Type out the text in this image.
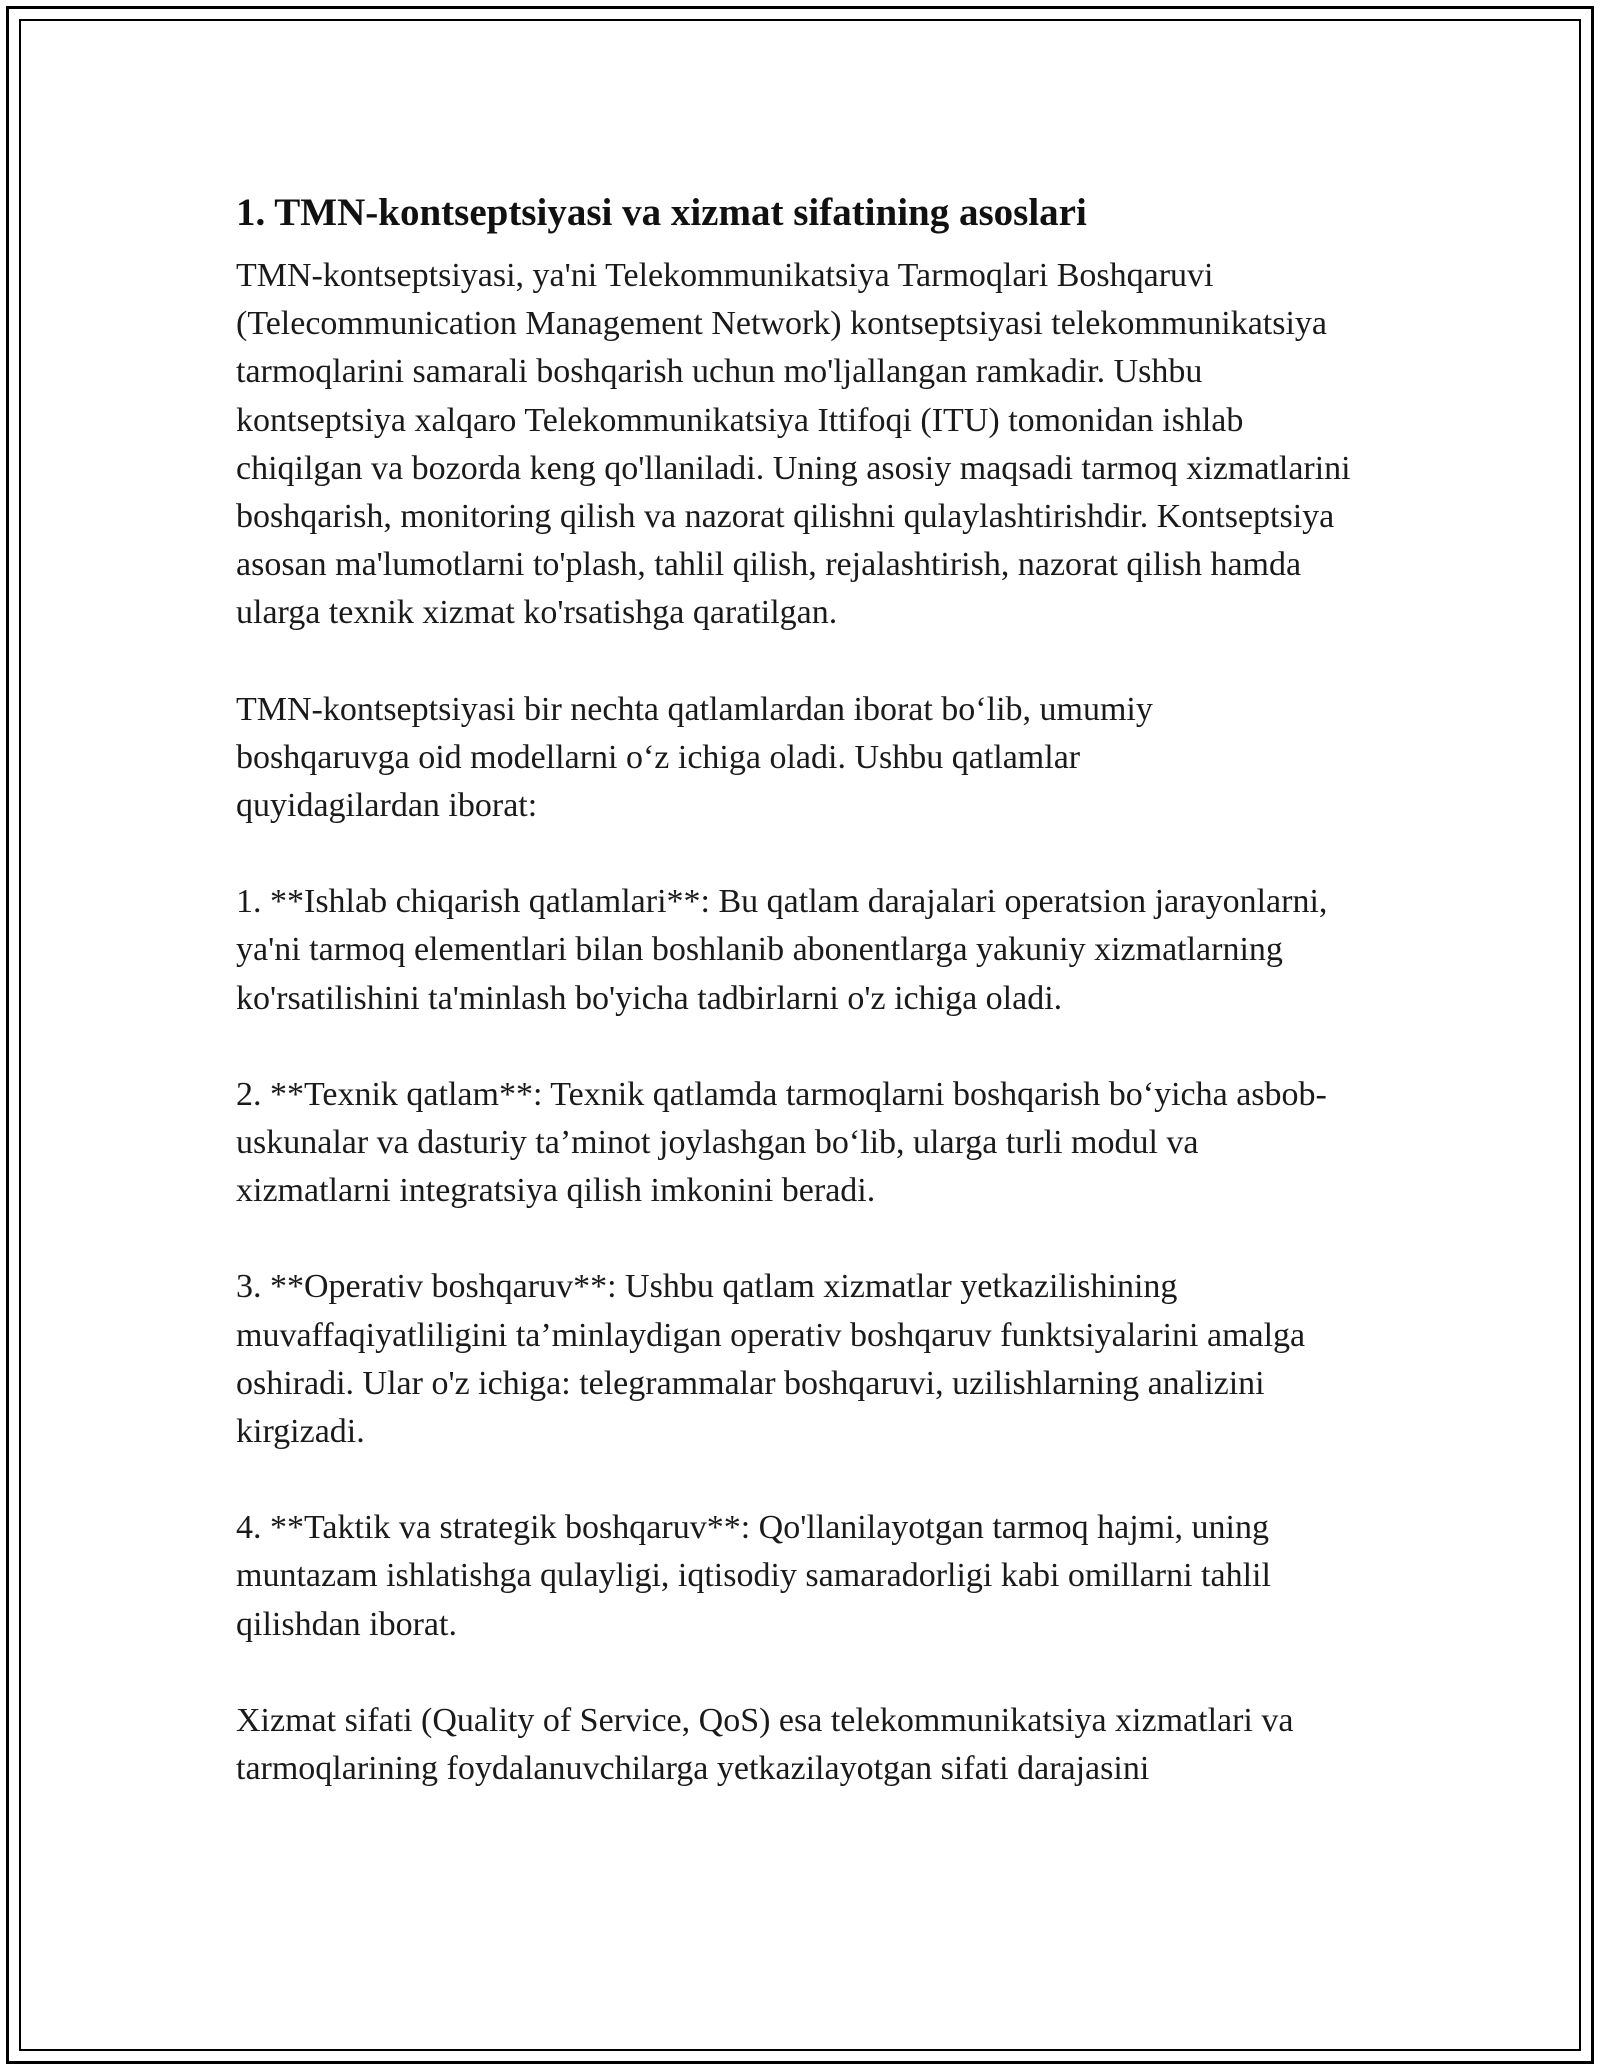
1. TMN-kontseptsiyasi va xizmat sifatining asoslari

TMN-kontseptsiyasi, ya'ni Telekommunikatsiya Tarmoqlari Boshqaruvi (Telecommunication Management Network) kontseptsiyasi telekommunikatsiya tarmoqlarini samarali boshqarish uchun mo'ljallangan ramkadir. Ushbu kontseptsiya xalqaro Telekommunikatsiya Ittifoqi (ITU) tomonidan ishlab chiqilgan va bozorda keng qo'llaniladi. Uning asosiy maqsadi tarmoq xizmatlarini boshqarish, monitoring qilish va nazorat qilishni qulaylashtirishdir. Kontseptsiya asosan ma'lumotlarni to'plash, tahlil qilish, rejalashtirish, nazorat qilish hamda ularga texnik xizmat ko'rsatishga qaratilgan.

TMN-kontseptsiyasi bir nechta qatlamlardan iborat bo‘lib, umumiy boshqaruvga oid modellarni o‘z ichiga oladi. Ushbu qatlamlar quyidagilardan iborat:

1. **Ishlab chiqarish qatlamlari**: Bu qatlam darajalari operatsion jarayonlarni, ya'ni tarmoq elementlari bilan boshlanib abonentlarga yakuniy xizmatlarning ko'rsatilishini ta'minlash bo'yicha tadbirlarni o'z ichiga oladi.

2. **Texnik qatlam**: Texnik qatlamda tarmoqlarni boshqarish bo‘yicha asbob-uskunalar va dasturiy ta’minot joylashgan bo‘lib, ularga turli modul va xizmatlarni integratsiya qilish imkonini beradi.

3. **Operativ boshqaruv**: Ushbu qatlam xizmatlar yetkazilishining muvaffaqiyatliligini ta’minlaydigan operativ boshqaruv funktsiyalarini amalga oshiradi. Ular o'z ichiga: telegrammalar boshqaruvi, uzilishlarning analizini kirgizadi.

4. **Taktik va strategik boshqaruv**: Qo'llanilayotgan tarmoq hajmi, uning muntazam ishlatishga qulayligi, iqtisodiy samaradorligi kabi omillarni tahlil qilishdan iborat.

Xizmat sifati (Quality of Service, QoS) esa telekommunikatsiya xizmatlari va tarmoqlarining foydalanuvchilarga yetkazilayotgan sifati darajasini
